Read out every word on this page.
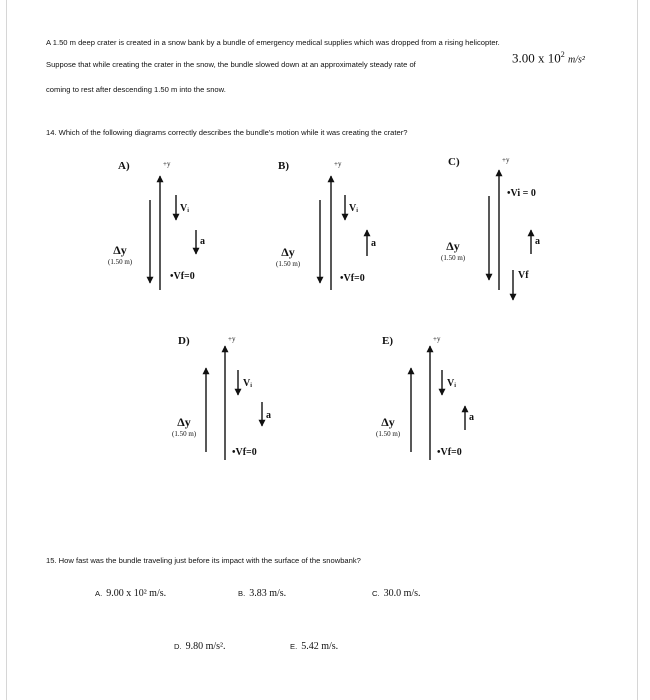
A 1.50 m deep crater is created in a snow bank by a bundle of emergency medical supplies which was dropped from a rising helicopter.
Suppose that while creating the crater in the snow, the bundle slowed down at an approximately steady rate of	3.00 x $10^2$ m/s²
coming to rest after descending 1.50 m into the snow.
14. Which of the following diagrams correctly describes the bundle's motion while it was creating the crater?
A)	+y
Δy
(1.50 m)
Vᵢ
a
•Vf=0
B)	+y
Δy
(1.50 m)
Vᵢ
a
•Vf=0
C)	+y
•Vi = 0
Δy
(1.50 m)
a
Vf
D)	+y
Δy
(1.50 m)
Vᵢ
a
•Vf=0
E)	+y
Δy
(1.50 m)
Vᵢ
a
•Vf=0
15. How fast was the bundle traveling just before its impact with the surface of the snowbank?
A. 9.00 x 10² m/s.	B. 3.83 m/s.	C. 30.0 m/s.
D. 9.80 m/s².	E. 5.42 m/s.
